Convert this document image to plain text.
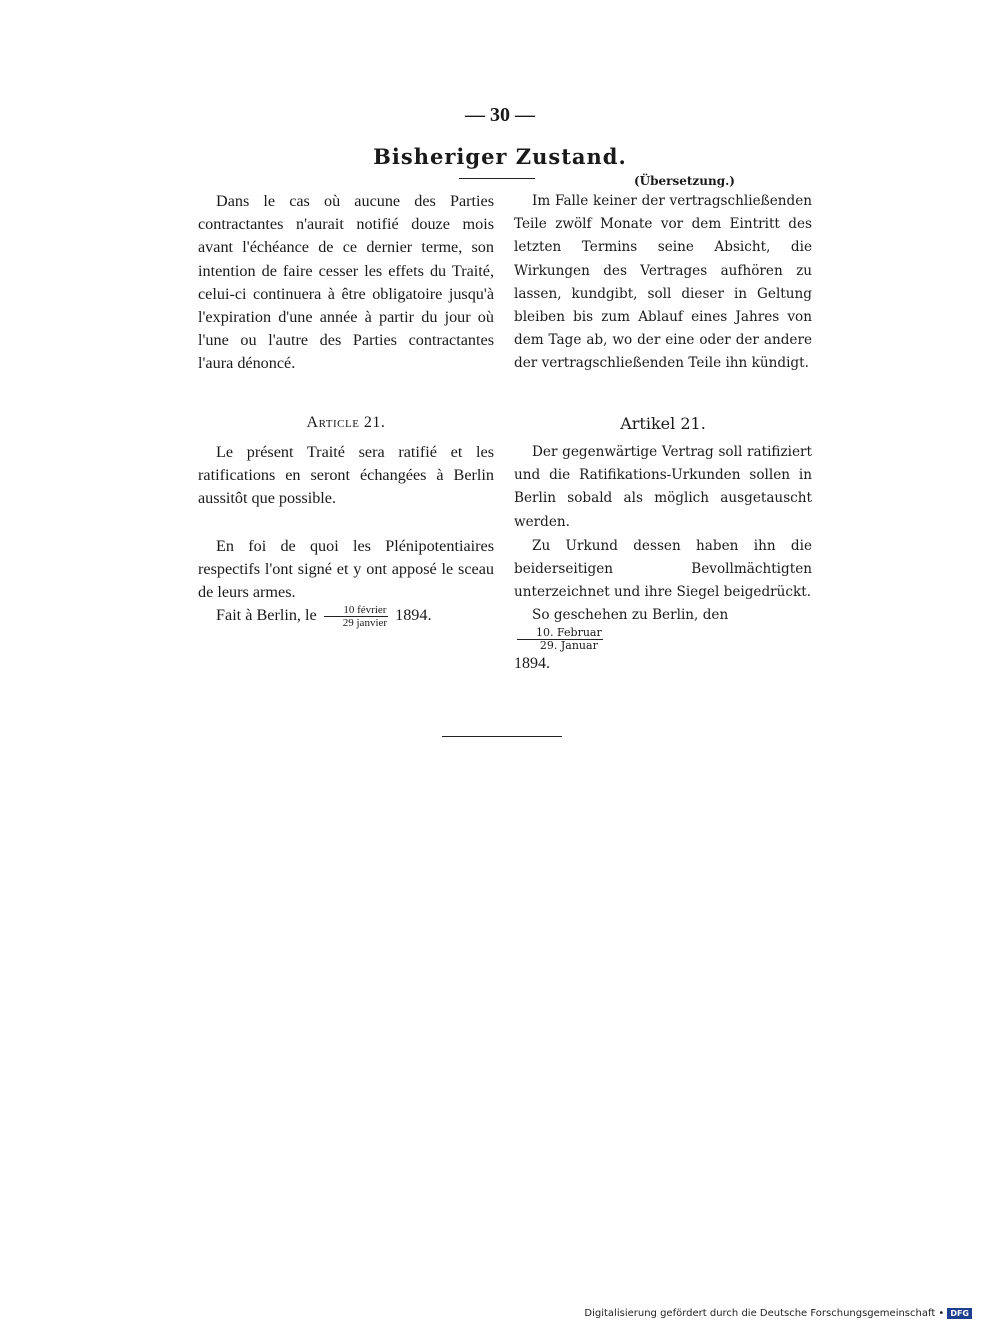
— 30 —
Bisheriger Zustand.
(Übersetzung.)

Dans le cas où aucune des Parties contractantes n'aurait notifié douze mois avant l'échéance de ce dernier terme, son intention de faire cesser les effets du Traité, celui-ci continuera à être obligatoire jusqu'à l'expiration d'une année à partir du jour où l'une ou l'autre des Parties contractantes l'aura dénoncé.

Article 21.

Le présent Traité sera ratifié et les ratifications en seront échangées à Berlin aussitôt que possible.

En foi de quoi les Plénipotentiaires respectifs l'ont signé et y ont apposé le sceau de leurs armes.

Fait à Berlin, le $\frac{\text{10 février}}{\text{29 janvier}} 1894$.

Im Falle keiner der vertragschließenden Teile zwölf Monate vor dem Eintritt des letzten Termins seine Absicht, die Wirkungen des Vertrages aufhören zu lassen, kundgibt, soll dieser in Geltung bleiben bis zum Ablauf eines Jahres von dem Tage ab, wo der eine oder der andere der vertragschließenden Teile ihn kündigt.

Artikel 21.

Der gegenwärtige Vertrag soll ratifiziert und die Ratifikations-Urkunden sollen in Berlin sobald als möglich ausgetauscht werden.

Zu Urkund dessen haben ihn die beiderseitigen Bevollmächtigten unterzeichnet und ihre Siegel beigedrückt.

So geschehen zu Berlin, den
$\frac{\text{10. Februar}}{\text{29. Januar}}$

1894.

Digitalisierung gefördert durch die Deutsche Forschungsgemeinschaft • DFG
